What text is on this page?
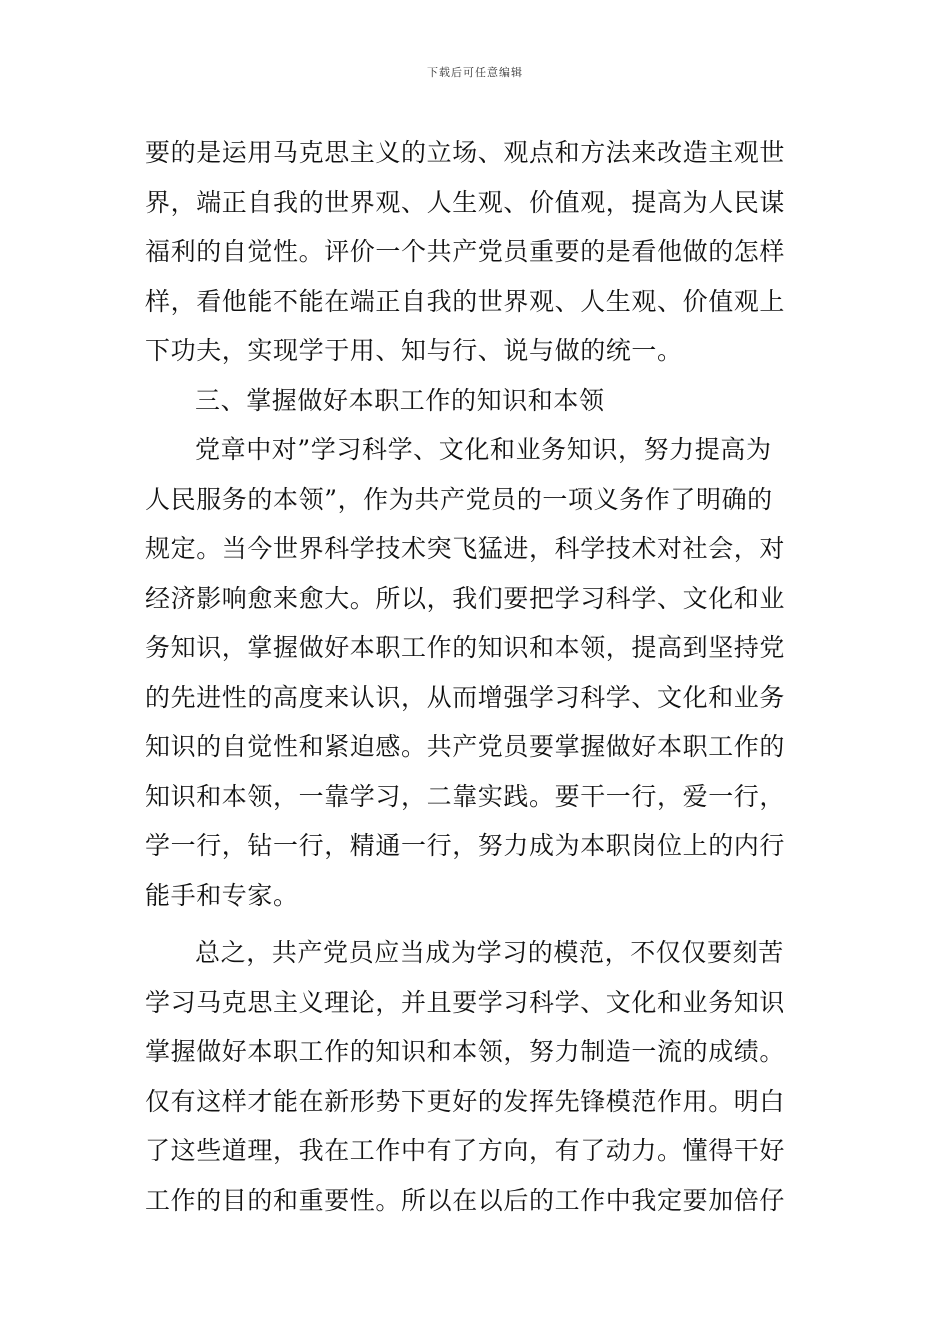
下载后可任意编辑
要的是运用马克思主义的立场、观点和方法来改造主观世
界，端正自我的世界观、人生观、价值观，提高为人民谋
福利的自觉性。评价一个共产党员重要的是看他做的怎样
样，看他能不能在端正自我的世界观、人生观、价值观上
下功夫，实现学于用、知与行、说与做的统一。
三、掌握做好本职工作的知识和本领
党章中对”学习科学、文化和业务知识，努力提高为
人民服务的本领”，作为共产党员的一项义务作了明确的
规定。当今世界科学技术突飞猛进，科学技术对社会，对
经济影响愈来愈大。所以，我们要把学习科学、文化和业
务知识，掌握做好本职工作的知识和本领，提高到坚持党
的先进性的高度来认识，从而增强学习科学、文化和业务
知识的自觉性和紧迫感。共产党员要掌握做好本职工作的
知识和本领，一靠学习，二靠实践。要干一行，爱一行，
学一行，钻一行，精通一行，努力成为本职岗位上的内行
能手和专家。
总之，共产党员应当成为学习的模范，不仅仅要刻苦
学习马克思主义理论，并且要学习科学、文化和业务知识
掌握做好本职工作的知识和本领，努力制造一流的成绩。
仅有这样才能在新形势下更好的发挥先锋模范作用。明白
了这些道理，我在工作中有了方向，有了动力。懂得干好
工作的目的和重要性。所以在以后的工作中我定要加倍仔
